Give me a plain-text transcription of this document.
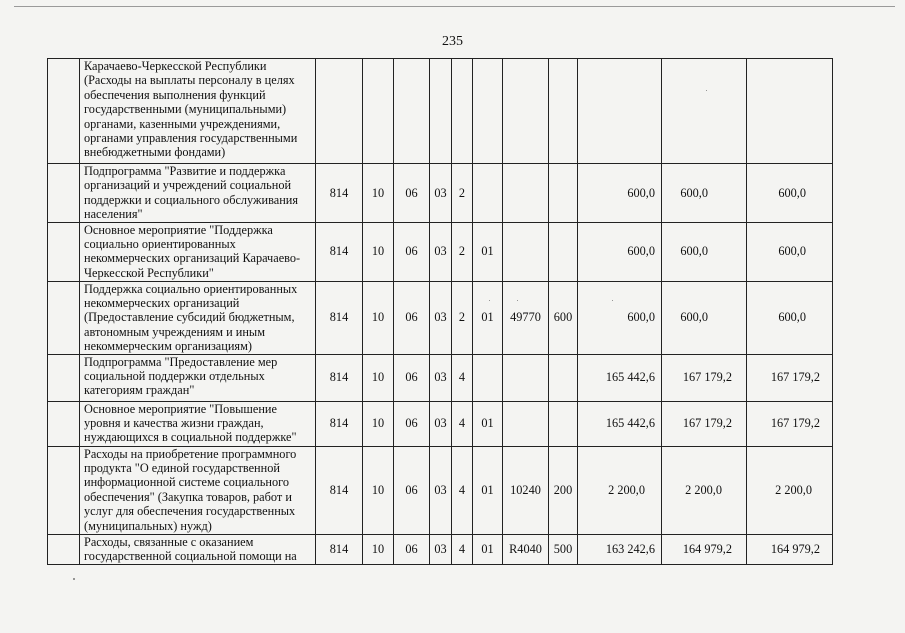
235
	Карачаево-Черкесской Республики (Расходы на выплаты персоналу в целях обеспечения выполнения функций государственными (муниципальными) органами, казенными учреждениями, органами управления государственными внебюджетными фондами)											
	Подпрограмма "Развитие и поддержка организаций и учреждений социальной поддержки и социального обслуживания населения"	814	10	06	03	2				600,0	600,0	600,0
	Основное мероприятие "Поддержка социально ориентированных некоммерческих организаций Карачаево-Черкесской Республики"	814	10	06	03	2	01			600,0	600,0	600,0
	Поддержка социально ориентированных некоммерческих организаций (Предоставление субсидий бюджетным, автономным учреждениям и иным некоммерческим организациям)	814	10	06	03	2	01	49770	600	600,0	600,0	600,0
	Подпрограмма "Предоставление мер социальной поддержки отдельных категориям граждан"	814	10	06	03	4				165 442,6	167 179,2	167 179,2
	Основное мероприятие "Повышение уровня и качества жизни граждан, нуждающихся в социальной поддержке"	814	10	06	03	4	01			165 442,6	167 179,2	167 179,2
	Расходы на приобретение программного продукта "О единой государственной информационной системе социального обеспечения" (Закупка товаров, работ и услуг для обеспечения государственных (муниципальных) нужд)	814	10	06	03	4	01	10240	200	2 200,0	2 200,0	2 200,0
	Расходы, связанные с оказанием государственной социальной помощи на	814	10	06	03	4	01	R4040	500	163 242,6	164 979,2	164 979,2
